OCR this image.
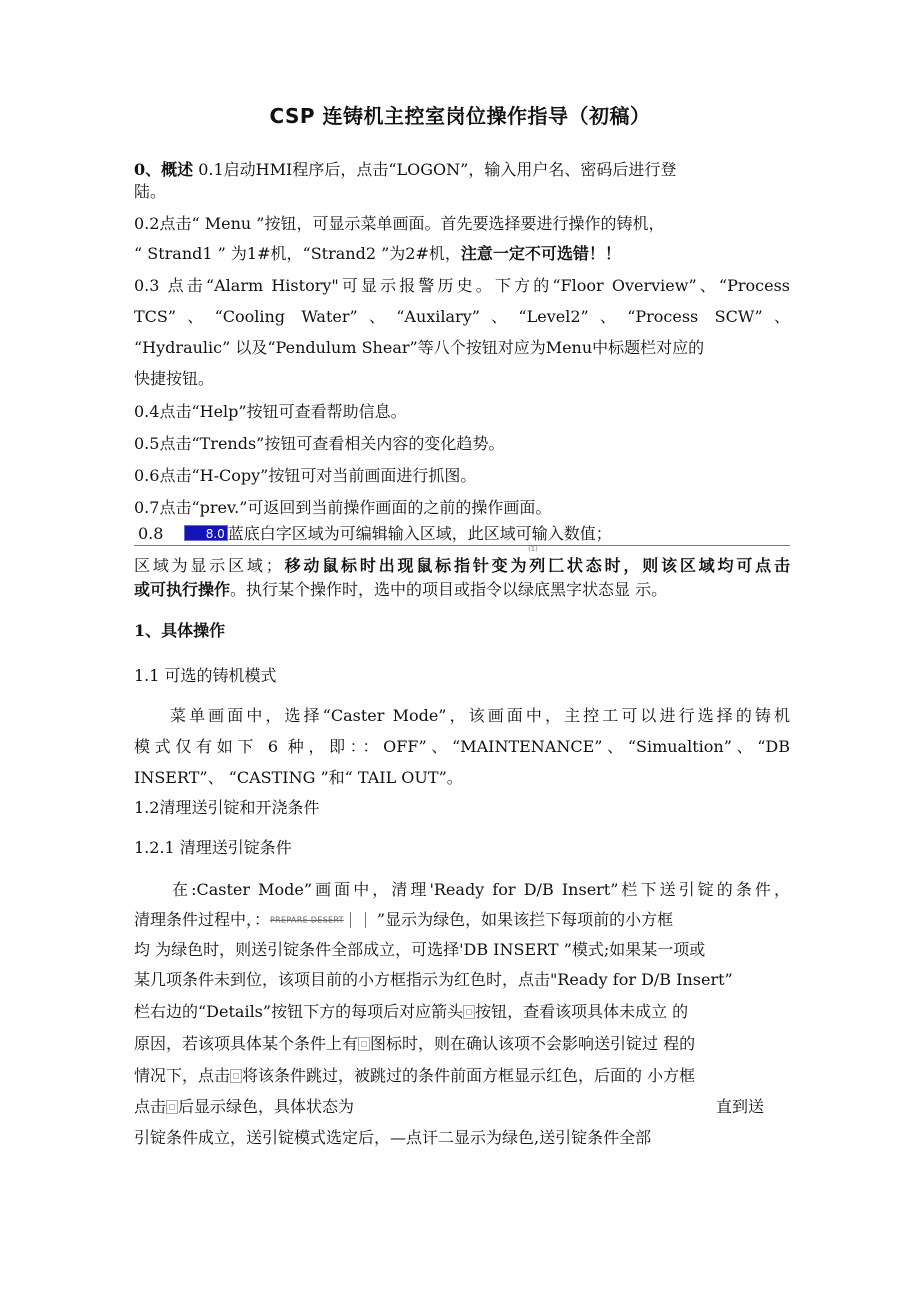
CSP 连铸机主控室岗位操作指导（初稿）
0、概述 0.1启动HMI程序后，点击“LOGON”，输入用户名、密码后进行登
陆。
0.2点击“ Menu ”按钮，可显示菜单画面。首先要选择要进行操作的铸机，
“ Strand1 ” 为1#机，“Strand2 ”为2#机，注意一定不可选错！！
0.3 点击“Alarm History"可显示报警历史。下方的“Floor Overview”、“Process
TCS”、“Cooling Water”、“Auxilary”、“Level2”、“Process SCW”、
“Hydraulic” 以及“Pendulum Shear”等八个按钮对应为Menu中标题栏对应的
快捷按钮。
0.4点击“Help”按钮可查看帮助信息。
0.5点击“Trends”按钮可查看相关内容的变化趋势。
0.6点击“H-Copy”按钮可对当前画面进行抓图。
0.7点击“prev.”可返回到当前操作画面的之前的操作画面。
0.8	8.0 蓝底白字区域为可编辑输入区域，此区域可输入数值；
(1)
区域为显示区域；移动鼠标时出现鼠标指针变为列匚状态时，则该区域均可点击
或可执行操作。执行某个操作时，选中的项目或指令以绿底黑字状态显 示。
1、具体操作
1.1 可选的铸机模式
菜单画面中，选择“Caster Mode”，该画面中，主控工可以进行选择的铸机
模式仅有如下 6 种，即：：OFF”、“MAINTENANCE”、“Simualtion”、“DB
INSERT”、 “CASTING ”和“ TAIL OUT”。
1.2清理送引锭和开浇条件
1.2.1 清理送引锭条件
在:Caster Mode”画面中，清理'Ready for D/B Insert”栏下送引锭的条件，
清理条件过程中，：PREPARE DESERT ”显示为绿色，如果该拦下每项前的小方框
均 为绿色时，则送引锭条件全部成立，可选择'DB INSERT ”模式;如果某一项或
某几项条件未到位，该项目前的小方框指示为红色时，点击"Ready for D/B Insert”
栏右边的“Details”按钮下方的每项后对应箭头 按钮，查看该项具体未成立 的
原因，若该项具体某个条件上有 图标时，则在确认该项不会影响送引锭过 程的
情况下，点击 将该条件跳过，被跳过的条件前面方框显示红色，后面的 小方框
点击 后显示绿色，具体状态为	直到送
引锭条件成立，送引锭模式选定后，—点讦二显示为绿色,送引锭条件全部
